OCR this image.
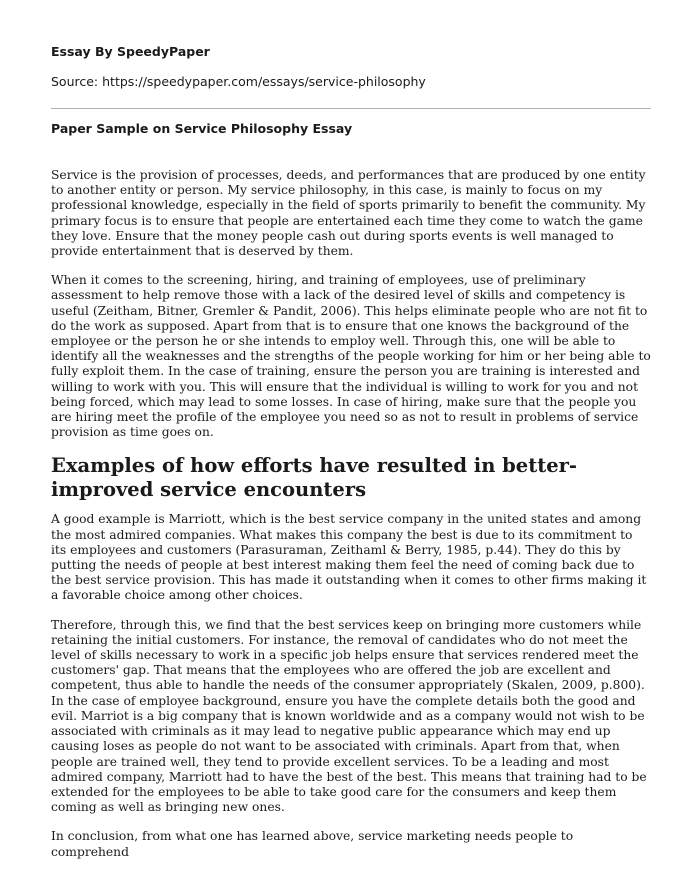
Essay By SpeedyPaper
Source: https://speedypaper.com/essays/service-philosophy
Paper Sample on Service Philosophy Essay

Service is the provision of processes, deeds, and performances that are produced by one entity to another entity or person. My service philosophy, in this case, is mainly to focus on my professional knowledge, especially in the field of sports primarily to benefit the community. My primary focus is to ensure that people are entertained each time they come to watch the game they love. Ensure that the money people cash out during sports events is well managed to provide entertainment that is deserved by them.

When it comes to the screening, hiring, and training of employees, use of preliminary assessment to help remove those with a lack of the desired level of skills and competency is useful (Zeitham, Bitner, Gremler & Pandit, 2006). This helps eliminate people who are not fit to do the work as supposed. Apart from that is to ensure that one knows the background of the employee or the person he or she intends to employ well. Through this, one will be able to identify all the weaknesses and the strengths of the people working for him or her being able to fully exploit them. In the case of training, ensure the person you are training is interested and willing to work with you. This will ensure that the individual is willing to work for you and not being forced, which may lead to some losses. In case of hiring, make sure that the people you are hiring meet the profile of the employee you need so as not to result in problems of service provision as time goes on.

Examples of how efforts have resulted in better-improved service encounters

A good example is Marriott, which is the best service company in the united states and among the most admired companies. What makes this company the best is due to its commitment to its employees and customers (Parasuraman, Zeithaml & Berry, 1985, p.44). They do this by putting the needs of people at best interest making them feel the need of coming back due to the best service provision. This has made it outstanding when it comes to other firms making it a favorable choice among other choices.

Therefore, through this, we find that the best services keep on bringing more customers while retaining the initial customers. For instance, the removal of candidates who do not meet the level of skills necessary to work in a specific job helps ensure that services rendered meet the customers' gap. That means that the employees who are offered the job are excellent and competent, thus able to handle the needs of the consumer appropriately (Skalen, 2009, p.800). In the case of employee background, ensure you have the complete details both the good and evil. Marriot is a big company that is known worldwide and as a company would not wish to be associated with criminals as it may lead to negative public appearance which may end up causing loses as people do not want to be associated with criminals. Apart from that, when people are trained well, they tend to provide excellent services. To be a leading and most admired company, Marriott had to have the best of the best. This means that training had to be extended for the employees to be able to take good care for the consumers and keep them coming as well as bringing new ones.

In conclusion, from what one has learned above, service marketing needs people to comprehend
